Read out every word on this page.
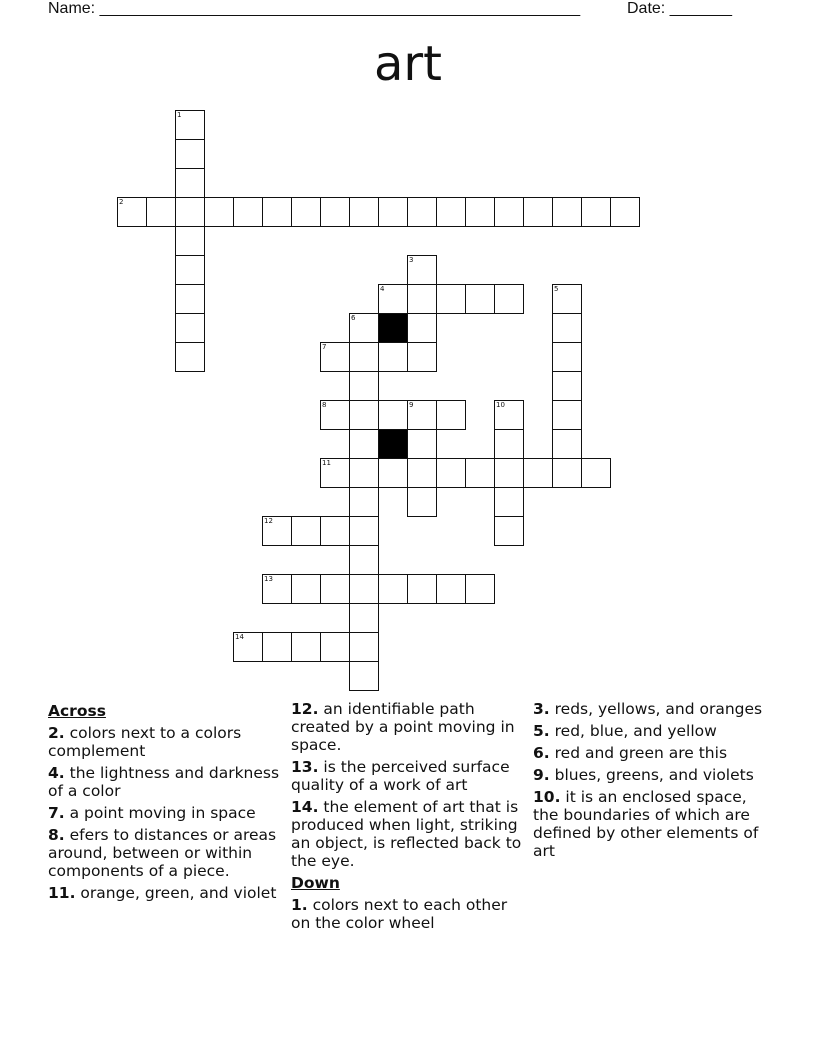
Name: ______________________________________________________	Date: _______
art
1
2
3
4	5
6
7
8	9	10
11
12
13
14
Across
2. colors next to a colors complement
4. the lightness and darkness of a color
7. a point moving in space
8. efers to distances or areas around, between or within components of a piece.
11. orange, green, and violet
12. an identifiable path created by a point moving in space.
13. is the perceived surface quality of a work of art
14. the element of art that is produced when light, striking an object, is reflected back to the eye.
Down
1. colors next to each other on the color wheel
3. reds, yellows, and oranges
5. red, blue, and yellow
6. red and green are this
9. blues, greens, and violets
10. it is an enclosed space, the boundaries of which are defined by other elements of art
